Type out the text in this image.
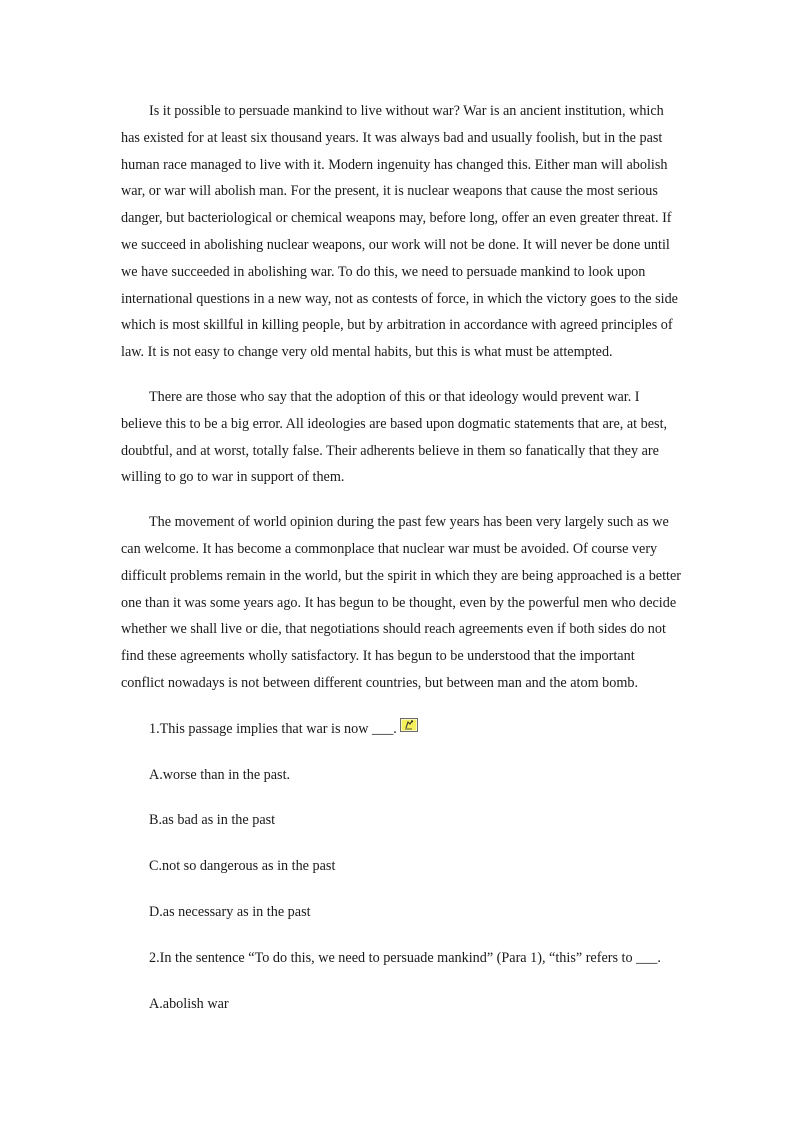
Is it possible to persuade mankind to live without war? War is an ancient institution, which has existed for at least six thousand years. It was always bad and usually foolish, but in the past human race managed to live with it. Modern ingenuity has changed this. Either man will abolish war, or war will abolish man. For the present, it is nuclear weapons that cause the most serious danger, but bacteriological or chemical weapons may, before long, offer an even greater threat. If we succeed in abolishing nuclear weapons, our work will not be done. It will never be done until we have succeeded in abolishing war. To do this, we need to persuade mankind to look upon international questions in a new way, not as contests of force, in which the victory goes to the side which is most skillful in killing people, but by arbitration in accordance with agreed principles of law. It is not easy to change very old mental habits, but this is what must be attempted.

There are those who say that the adoption of this or that ideology would prevent war. I believe this to be a big error. All ideologies are based upon dogmatic statements that are, at best, doubtful, and at worst, totally false. Their adherents believe in them so fanatically that they are willing to go to war in support of them.

The movement of world opinion during the past few years has been very largely such as we can welcome. It has become a commonplace that nuclear war must be avoided. Of course very difficult problems remain in the world, but the spirit in which they are being approached is a better one than it was some years ago. It has begun to be thought, even by the powerful men who decide whether we shall live or die, that negotiations should reach agreements even if both sides do not find these agreements wholly satisfactory. It has begun to be understood that the important conflict nowadays is not between different countries, but between man and the atom bomb.

1.This passage implies that war is now ___.

A.worse than in the past.

B.as bad as in the past

C.not so dangerous as in the past

D.as necessary as in the past

2.In the sentence “To do this, we need to persuade mankind” (Para 1), “this” refers to ___.

A.abolish war
